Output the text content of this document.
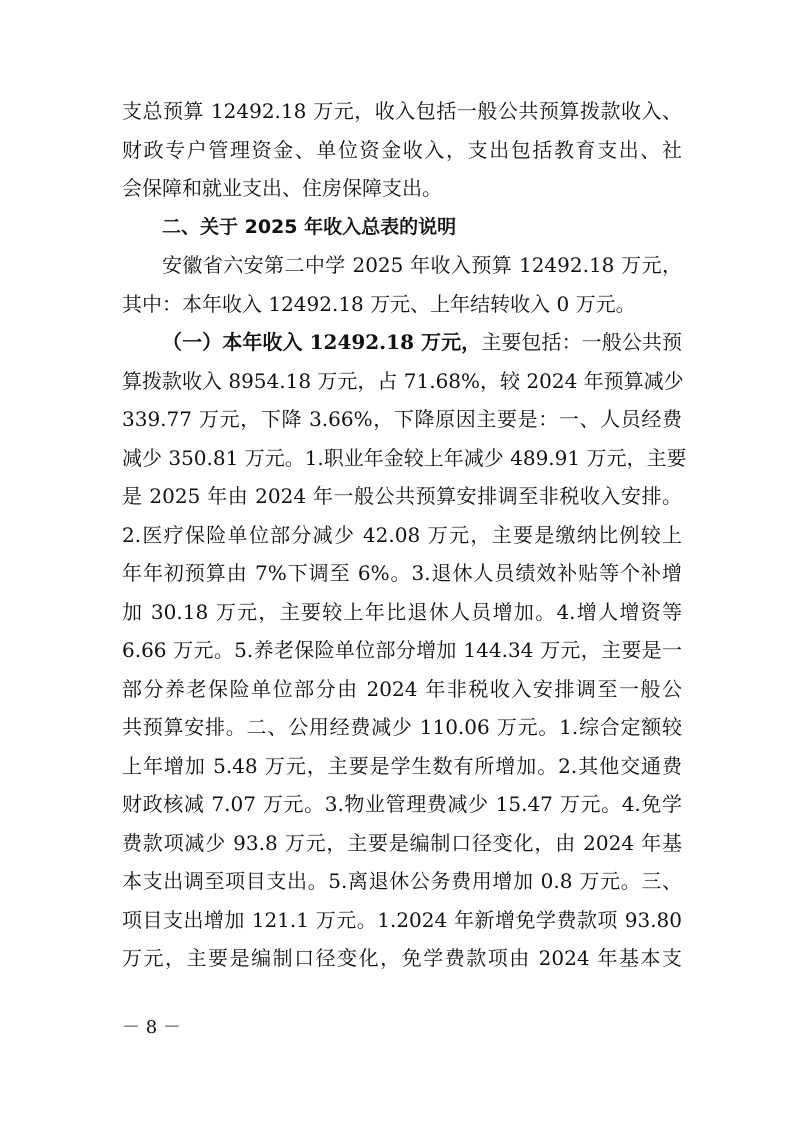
支总预算 12492.18 万元，收入包括一般公共预算拨款收入、
财政专户管理资金、单位资金收入，支出包括教育支出、社
会保障和就业支出、住房保障支出。
二、关于 2025 年收入总表的说明
安徽省六安第二中学 2025 年收入预算 12492.18 万元，
其中：本年收入 12492.18 万元、上年结转收入 0 万元。
（一）本年收入 12492.18 万元，主要包括：一般公共预
算拨款收入 8954.18 万元，占 71.68%，较 2024 年预算减少
339.77 万元，下降 3.66%，下降原因主要是：一、人员经费
减少 350.81 万元。1.职业年金较上年减少 489.91 万元，主要
是 2025 年由 2024 年一般公共预算安排调至非税收入安排。
2.医疗保险单位部分减少 42.08 万元，主要是缴纳比例较上
年年初预算由 7%下调至 6%。3.退休人员绩效补贴等个补增
加 30.18 万元，主要较上年比退休人员增加。4.增人增资等
6.66 万元。5.养老保险单位部分增加 144.34 万元，主要是一
部分养老保险单位部分由 2024 年非税收入安排调至一般公
共预算安排。二、公用经费减少 110.06 万元。1.综合定额较
上年增加 5.48 万元，主要是学生数有所增加。2.其他交通费
财政核减 7.07 万元。3.物业管理费减少 15.47 万元。4.免学
费款项减少 93.8 万元，主要是编制口径变化，由 2024 年基
本支出调至项目支出。5.离退休公务费用增加 0.8 万元。三、
项目支出增加 121.1 万元。1.2024 年新增免学费款项 93.80
万元，主要是编制口径变化，免学费款项由 2024 年基本支
－ 8 －
